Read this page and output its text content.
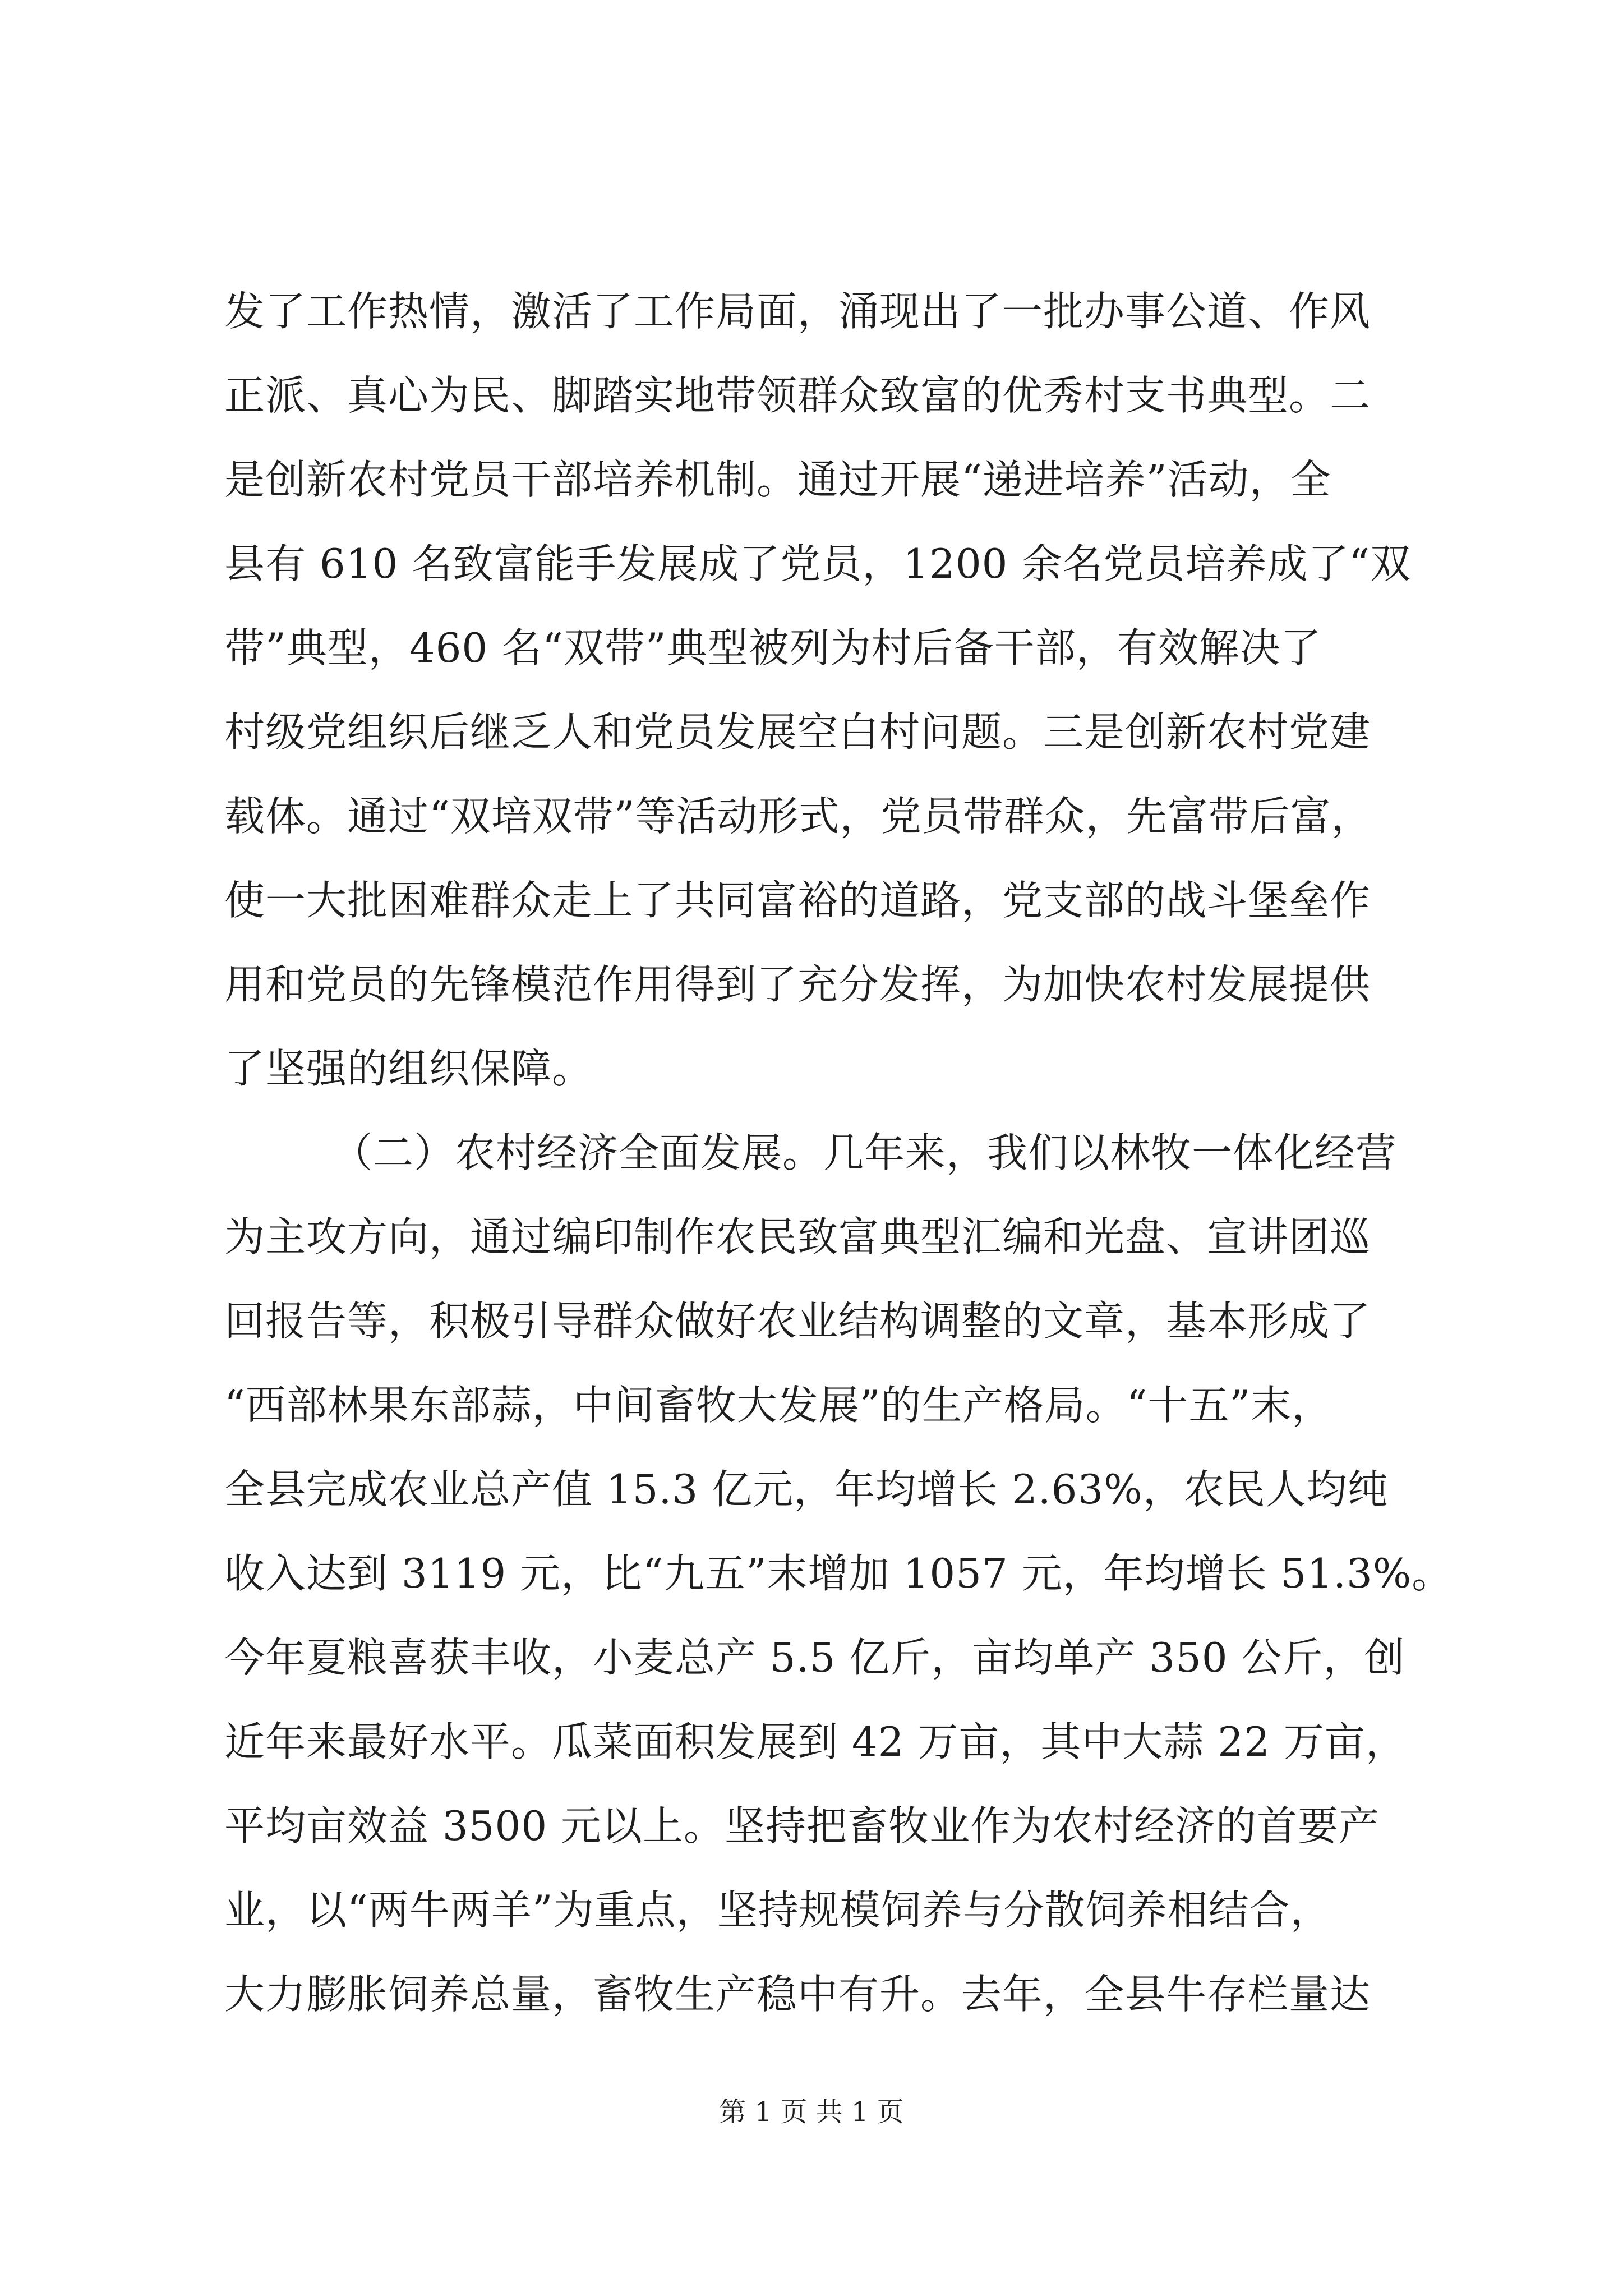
发了工作热情，激活了工作局面，涌现出了一批办事公道、作风
正派、真心为民、脚踏实地带领群众致富的优秀村支书典型。二
是创新农村党员干部培养机制。通过开展“递进培养”活动，全
县有 610 名致富能手发展成了党员，1200 余名党员培养成了“双
带”典型，460 名“双带”典型被列为村后备干部，有效解决了
村级党组织后继乏人和党员发展空白村问题。三是创新农村党建
载体。通过“双培双带”等活动形式，党员带群众，先富带后富，
使一大批困难群众走上了共同富裕的道路，党支部的战斗堡垒作
用和党员的先锋模范作用得到了充分发挥，为加快农村发展提供
了坚强的组织保障。
（二）农村经济全面发展。几年来，我们以林牧一体化经营
为主攻方向，通过编印制作农民致富典型汇编和光盘、宣讲团巡
回报告等，积极引导群众做好农业结构调整的文章，基本形成了
“西部林果东部蒜，中间畜牧大发展”的生产格局。“十五”末，
全县完成农业总产值 15.3 亿元，年均增长 2.63%，农民人均纯
收入达到 3119 元，比“九五”末增加 1057 元，年均增长 51.3%。
今年夏粮喜获丰收，小麦总产 5.5 亿斤，亩均单产 350 公斤，创
近年来最好水平。瓜菜面积发展到 42 万亩，其中大蒜 22 万亩，
平均亩效益 3500 元以上。坚持把畜牧业作为农村经济的首要产
业，以“两牛两羊”为重点，坚持规模饲养与分散饲养相结合，
大力膨胀饲养总量，畜牧生产稳中有升。去年，全县牛存栏量达
第 1 页 共 1 页
